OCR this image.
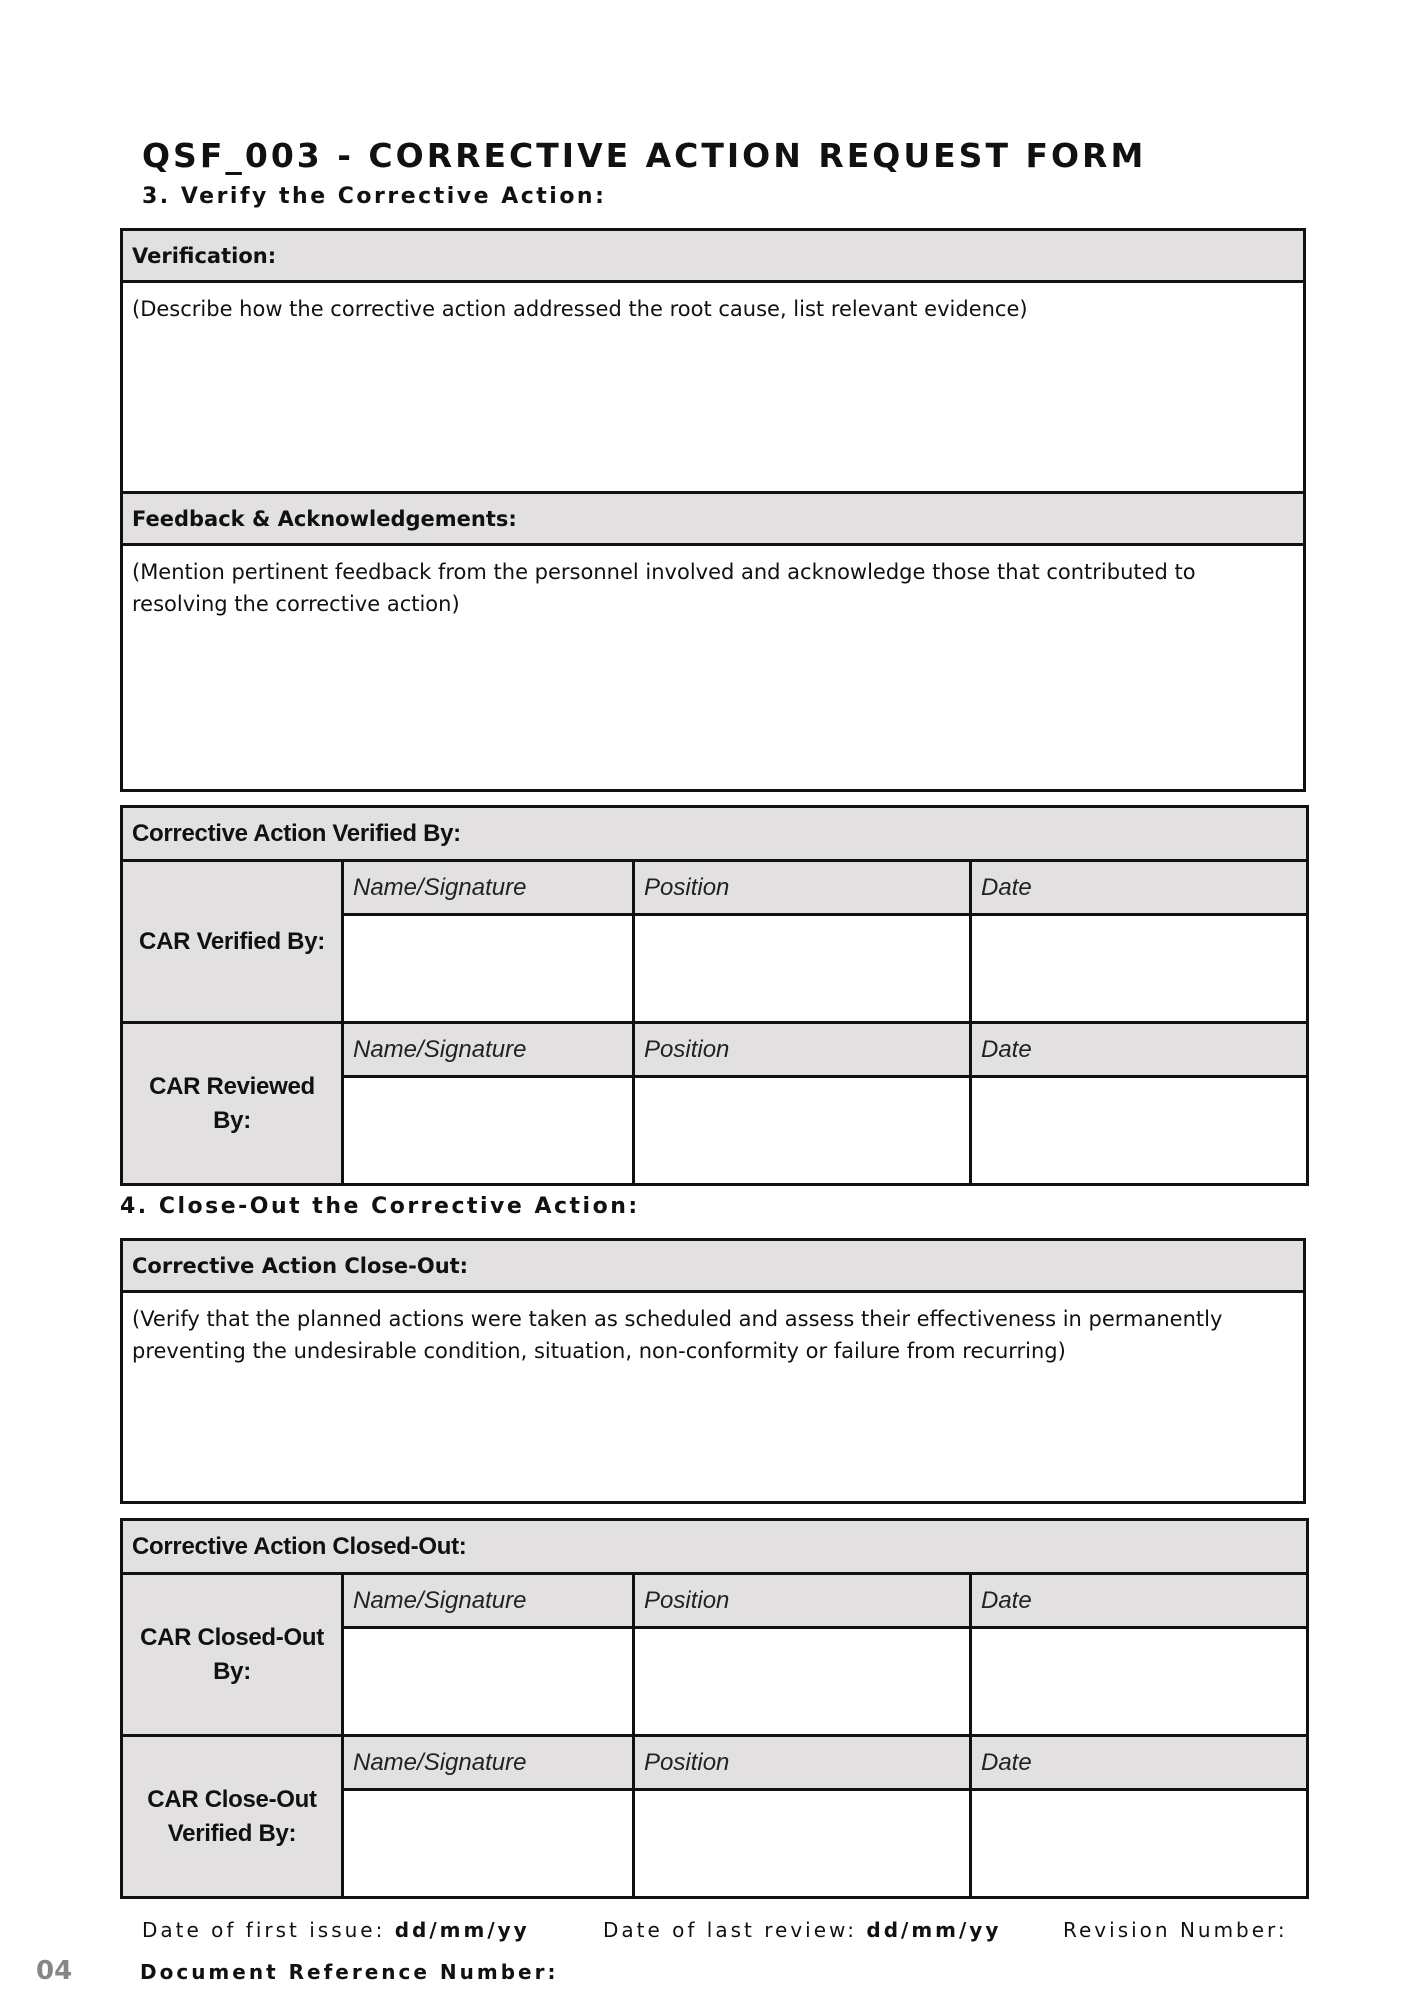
QSF_003 - CORRECTIVE ACTION REQUEST FORM
3. Verify the Corrective Action:
Verification:
(Describe how the corrective action addressed the root cause, list relevant evidence)
Feedback & Acknowledgements:
(Mention pertinent feedback from the personnel involved and acknowledge those that contributed to resolving the corrective action)
Corrective Action Verified By:			
CAR Verified By:	Name/Signature	Position	Date

CAR Reviewed By:	Name/Signature	Position	Date

4. Close-Out the Corrective Action:
Corrective Action Close-Out:
(Verify that the planned actions were taken as scheduled and assess their effectiveness in permanently preventing the undesirable condition, situation, non-conformity or failure from recurring)
Corrective Action Closed-Out:			
CAR Closed-Out By:	Name/Signature	Position	Date

CAR Close-Out Verified By:	Name/Signature	Position	Date

Date of first issue: dd/mm/yy	Date of last review: dd/mm/yy	Revision Number:
Document Reference Number:
04
